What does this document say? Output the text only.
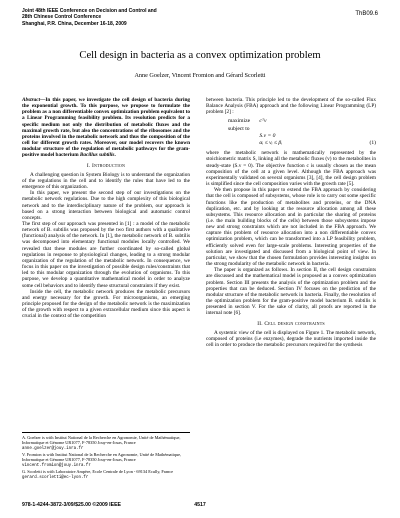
Joint 48th IEEE Conference on Decision and Control and
28th Chinese Control Conference
Shanghai, P.R. China, December 16-18, 2009
ThB09.6
Cell design in bacteria as a convex optimization problem
Anne Goelzer, Vincent Fromion and Gérard Scorletti

Abstract—In this paper, we investigate the cell design of bacteria during the exponential growth. To this purpose, we propose to formulate the problem as a non differentiable convex optimization problem equivalent to a Linear Programming feasibility problem. Its resolution predicts for a specific medium not only the distribution of metabolic fluxes and the maximal growth rate, but also the concentrations of the ribosomes and the proteins involved in the metabolic network and thus the composition of the cell for different growth rates. Moreover, our model recovers the known modular structure of the regulation of metabolic pathways for the gram-positive model bacterium Bacillus subtilis.

I. Introduction

A challenging question in System Biology is to understand the organization of the regulations in the cell and to identify the rules that have led to the emergence of this organization.

In this paper, we present the second step of our investigations on the metabolic network regulations. Due to the high complexity of this biological network and to the interdisciplinary nature of the problem, our approach is based on a strong interaction between biological and automatic control concepts.

The first step of our approach was presented in [1] : a model of the metabolic network of B. subtilis was proposed by the two first authors with a qualitative (functional) analysis of the network. In [1], the metabolic network of B. subtilis was decomposed into elementary functional modules locally controlled. We revealed that these modules are further coordinated by so-called global regulations in response to physiological changes, leading to a strong modular organization of the regulation of the metabolic network. In consequence, we focus in this paper on the investigation of possible design rules/constraints that led to this modular organization through the evolution of organisms. To this purpose, we develop a quantitative mathematical model in order to analyze some cell behaviors and to identify these structural constraints if they exist.

Inside the cell, the metabolic network produces the metabolic precursors and energy necessary for the growth. For microorganisms, an emerging principle proposed for the design of the metabolic network is the maximization of the growth with respect to a given extracellular medium since this aspect is crucial in the context of the competition

A. Goelzer is with Institut National de la Recherche en Agronomie, Unité de Mathématique, Informatique et Génome UR1077, F-78350 Jouy-en-Josas, France anne.goelzer@jouy.inra.fr
V. Fromion is with Institut National de la Recherche en Agronomie, Unité de Mathématique, Informatique et Génome UR1077, F-78350 Jouy-en-Josas, France vincent.fromion@jouy.inra.fr
G. Scorletti is with Laboratoire Ampère, Ecole Centrale de Lyon - 69134 Ecully, France gerard.scorletti@ec-lyon.fr

between bacteria. This principle led to the development of the so-called Flux Balance Analysis (FBA) approach and the following Linear Programming (LP) problem [2] :

maximize
	cᵀv
subject to

S.v = 0

αᵢ ≤ vᵢ ≤ βᵢ	(1)

where the metabolic network is mathematically represented by the stoichiometric matrix S, linking all the metabolic fluxes (v) to the metabolites in steady-state (S.v = 0). The objective function c is usually chosen as the mean composition of the cell at a given level. Although the FBA approach was experimentally validated on several organisms [3], [4], the cell design problem is simplified since the cell composition varies with the growth rate [5].

We then propose in this paper to extend the FBA approach by considering that the cell is composed of subsystems, whose role is to carry out some specific functions like the production of metabolites and proteins, or the DNA duplication, etc. and by looking at the resource allocation among all these subsystems. This resource allocation and in particular the sharing of proteins (i.e. the main building blocks of the cells) between those subsystems impose new and strong constraints which are not included in the FBA approach. We capture this problem of resource allocation into a non differentiable convex optimization problem, which can be transformed into a LP feasibility problem, efficiently solved even for large-scale problems. Interesting properties of the solution are investigated and discussed from a biological point of view. In particular, we show that the chosen formulation provides interesting insights on the strong modularity of the metabolic network in bacteria.

The paper is organized as follows. In section II, the cell design constraints are discussed and the mathematical model is proposed as a convex optimization problem. Section III presents the analysis of the optimization problem and the properties that can be deduced. Section IV focuses on the prediction of the modular structure of the metabolic network in bacteria. Finally, the resolution of the optimization problem for the gram-positive model bacterium B. subtilis is presented in section V. For the sake of clarity, all proofs are reported in the internal note [6].

II. Cell design constraints

A systemic view of the cell is displayed on Figure 1. The metabolic network, composed of proteins (i.e enzymes), degrade the nutrients imported inside the cell in order to produce the metabolic precursors required for the synthesis

978-1-4244-3872-3/09/$25.00 ©2009 IEEE	4517
